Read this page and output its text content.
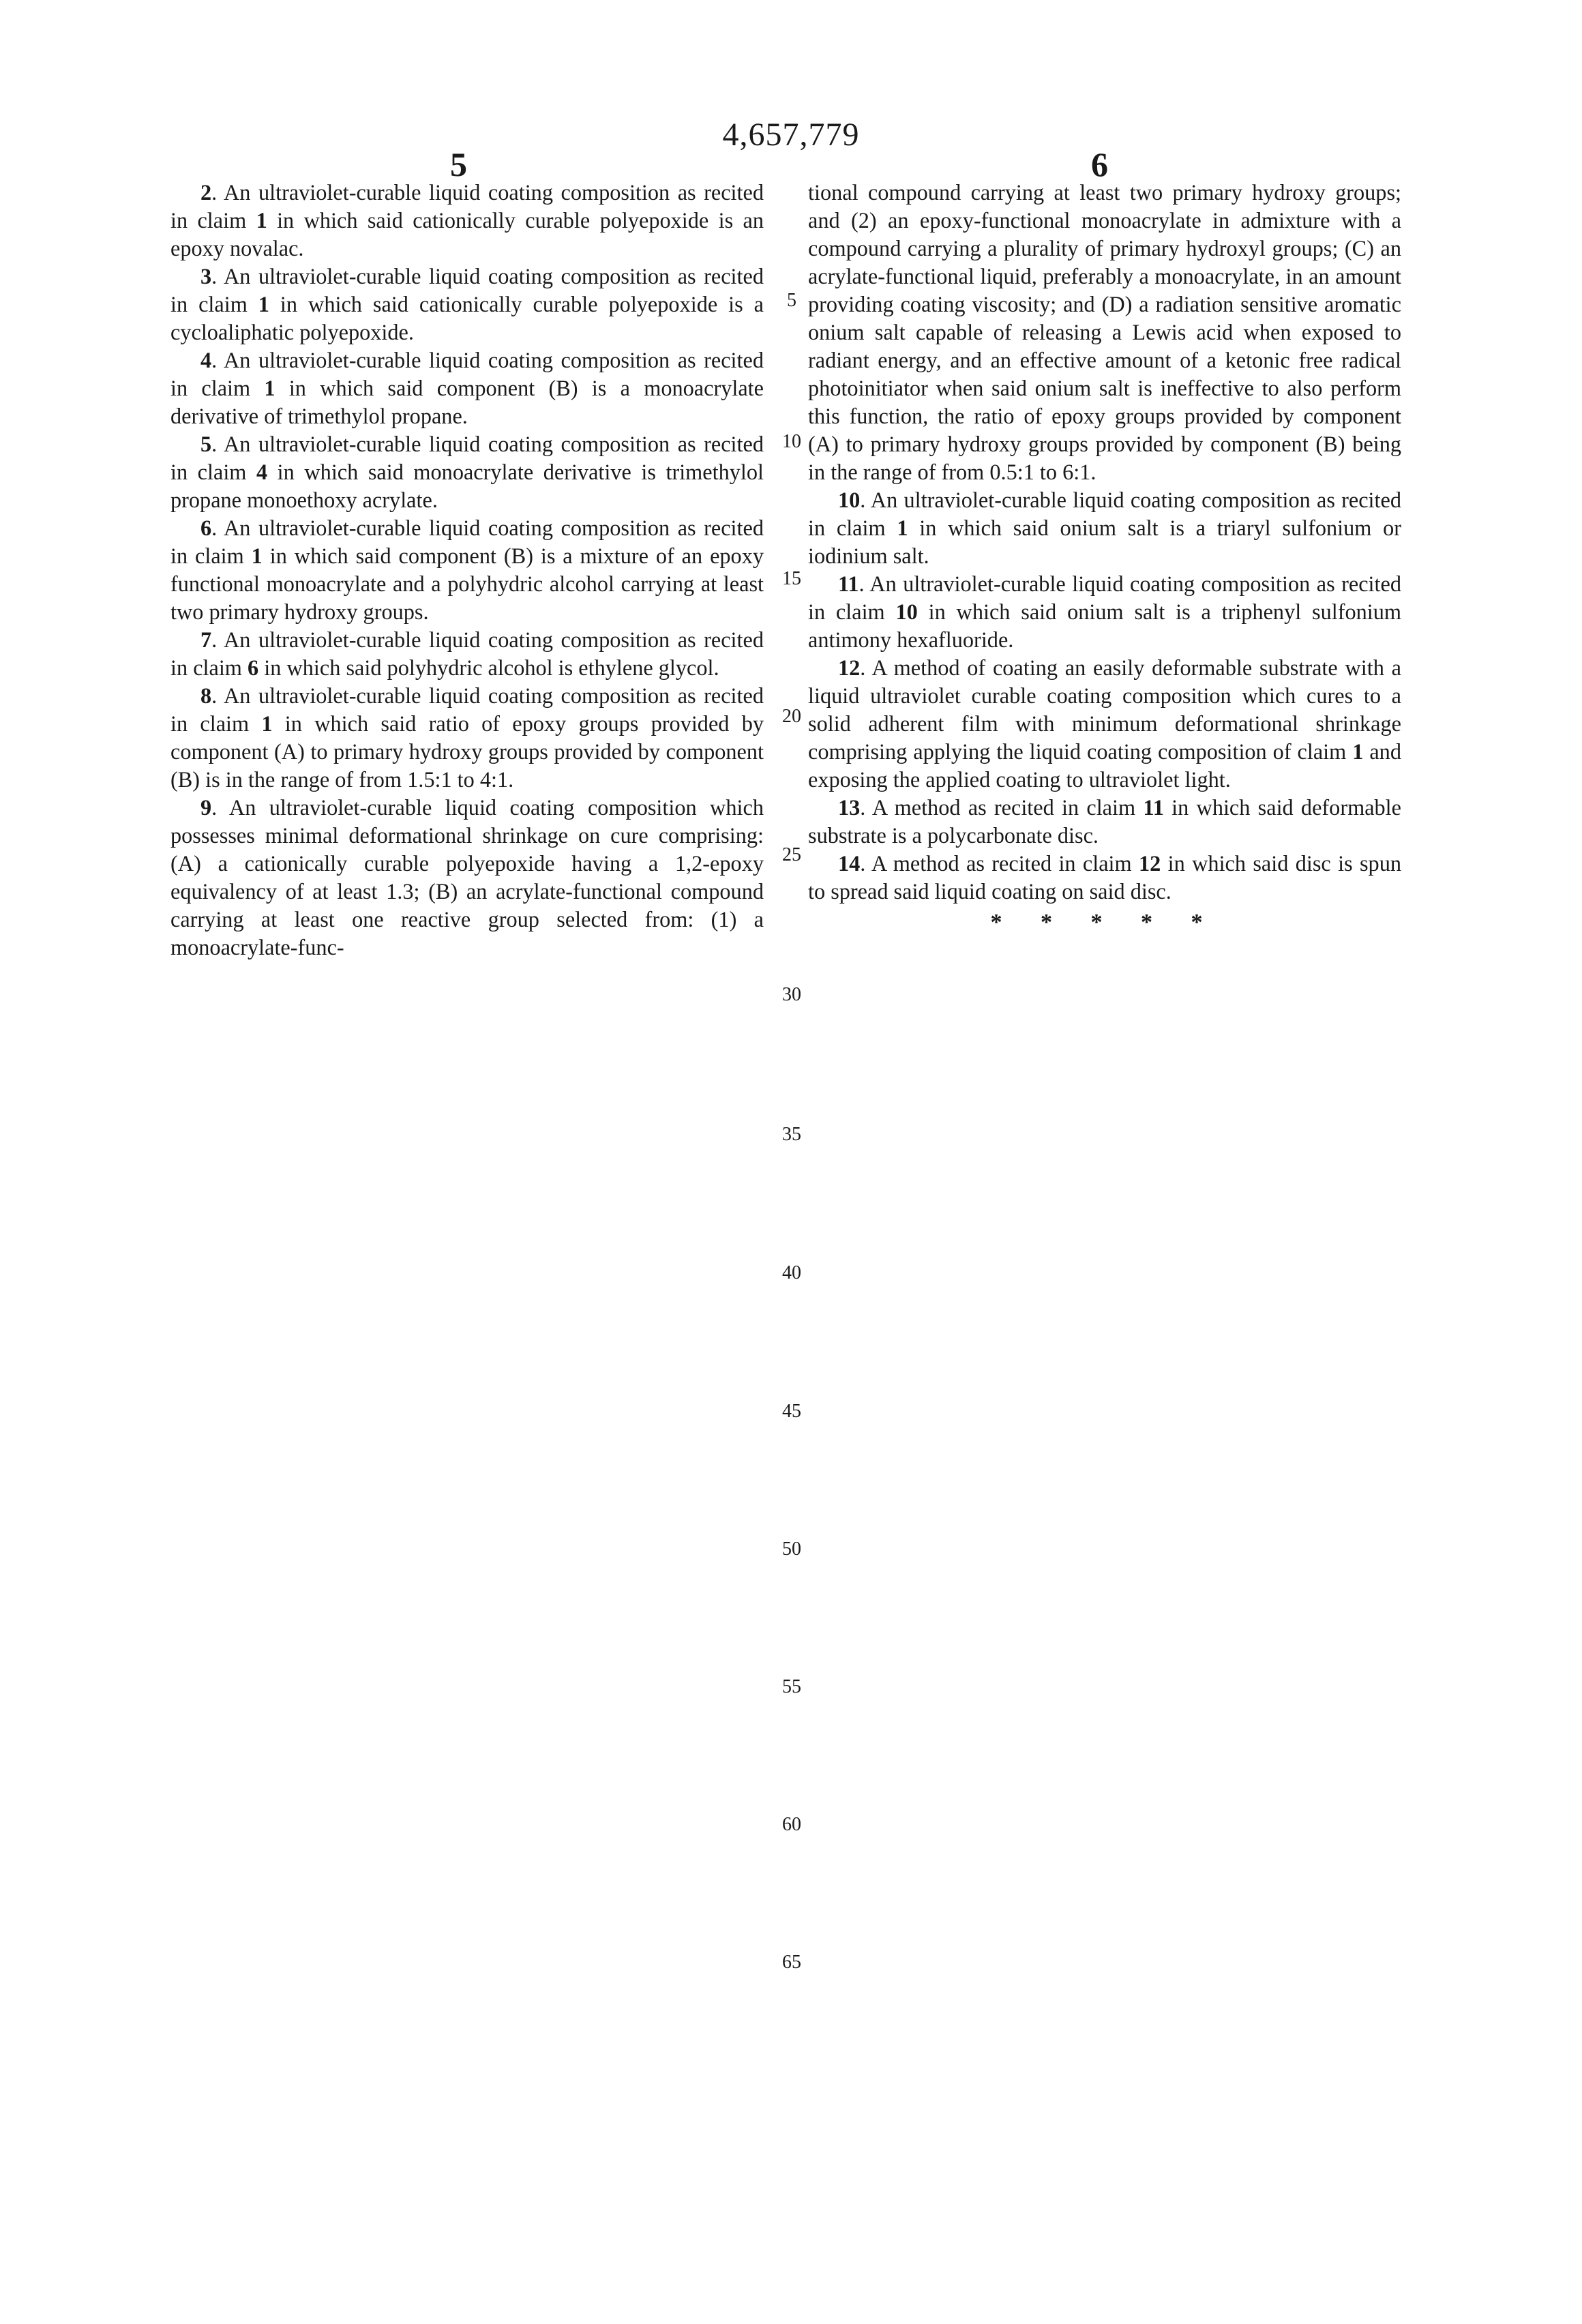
4,657,779
5	6

2. An ultraviolet-curable liquid coating composition as recited in claim 1 in which said cationically curable polyepoxide is an epoxy novalac.

3. An ultraviolet-curable liquid coating composition as recited in claim 1 in which said cationically curable polyepoxide is a cycloaliphatic polyepoxide.

4. An ultraviolet-curable liquid coating composition as recited in claim 1 in which said component (B) is a monoacrylate derivative of trimethylol propane.

5. An ultraviolet-curable liquid coating composition as recited in claim 4 in which said monoacrylate derivative is trimethylol propane monoethoxy acrylate.

6. An ultraviolet-curable liquid coating composition as recited in claim 1 in which said component (B) is a mixture of an epoxy functional monoacrylate and a polyhydric alcohol carrying at least two primary hydroxy groups.

7. An ultraviolet-curable liquid coating composition as recited in claim 6 in which said polyhydric alcohol is ethylene glycol.

8. An ultraviolet-curable liquid coating composition as recited in claim 1 in which said ratio of epoxy groups provided by component (A) to primary hydroxy groups provided by component (B) is in the range of from 1.5:1 to 4:1.

9. An ultraviolet-curable liquid coating composition which possesses minimal deformational shrinkage on cure comprising: (A) a cationically curable polyepoxide having a 1,2-epoxy equivalency of at least 1.3; (B) an acrylate-functional compound carrying at least one reactive group selected from: (1) a monoacrylate-func-

tional compound carrying at least two primary hydroxy groups; and (2) an epoxy-functional monoacrylate in admixture with a compound carrying a plurality of primary hydroxyl groups; (C) an acrylate-functional liquid, preferably a monoacrylate, in an amount providing coating viscosity; and (D) a radiation sensitive aromatic onium salt capable of releasing a Lewis acid when exposed to radiant energy, and an effective amount of a ketonic free radical photoinitiator when said onium salt is ineffective to also perform this function, the ratio of epoxy groups provided by component (A) to primary hydroxy groups provided by component (B) being in the range of from 0.5:1 to 6:1.

10. An ultraviolet-curable liquid coating composition as recited in claim 1 in which said onium salt is a triaryl sulfonium or iodinium salt.

11. An ultraviolet-curable liquid coating composition as recited in claim 10 in which said onium salt is a triphenyl sulfonium antimony hexafluoride.

12. A method of coating an easily deformable substrate with a liquid ultraviolet curable coating composition which cures to a solid adherent film with minimum deformational shrinkage comprising applying the liquid coating composition of claim 1 and exposing the applied coating to ultraviolet light.

13. A method as recited in claim 11 in which said deformable substrate is a polycarbonate disc.

14. A method as recited in claim 12 in which said disc is spun to spread said liquid coating on said disc.

* * * * *
5
10
15
20
25
30
35
40
45
50
55
60
65
